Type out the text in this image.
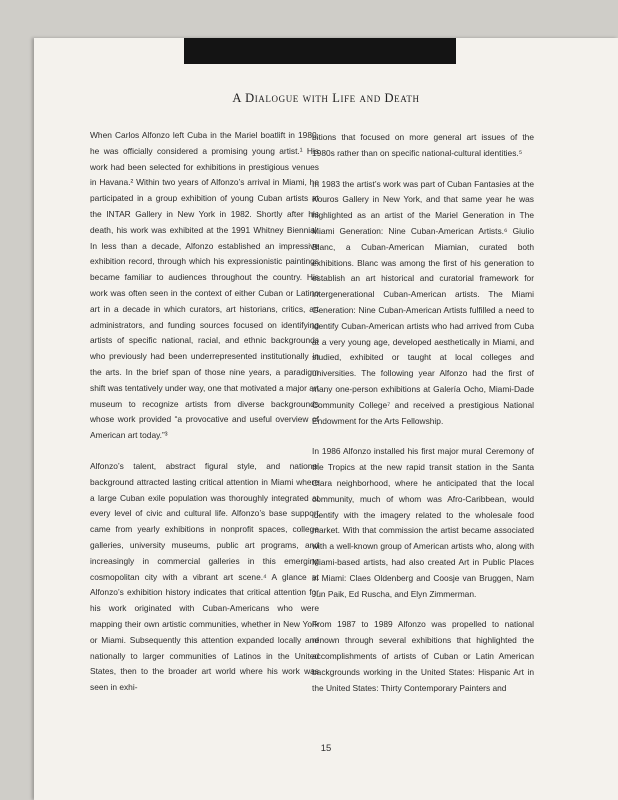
A Dialogue with Life and Death

When Carlos Alfonzo left Cuba in the Mariel boatlift in 1980, he was officially considered a promising young artist.¹ His work had been selected for exhibitions in prestigious venues in Havana.² Within two years of Alfonzo’s arrival in Miami, he participated in a group exhibition of young Cuban artists at the INTAR Gallery in New York in 1982. Shortly after his death, his work was exhibited at the 1991 Whitney Biennial. In less than a decade, Alfonzo established an impressive exhibition record, through which his expressionistic paintings became familiar to audiences throughout the country. His work was often seen in the context of either Cuban or Latino art in a decade in which curators, art historians, critics, art administrators, and funding sources focused on identifying artists of specific national, racial, and ethnic backgrounds who previously had been underrepresented institutionally in the arts. In the brief span of those nine years, a paradigm shift was tentatively under way, one that motivated a major art museum to recognize artists from diverse backgrounds whose work provided “a provocative and useful overview of American art today.”³

Alfonzo’s talent, abstract figural style, and national background attracted lasting critical attention in Miami where a large Cuban exile population was thoroughly integrated at every level of civic and cultural life. Alfonzo’s base support came from yearly exhibitions in nonprofit spaces, college galleries, university museums, public art programs, and increasingly in commercial galleries in this emerging cosmopolitan city with a vibrant art scene.⁴ A glance at Alfonzo’s exhibition history indicates that critical attention for his work originated with Cuban-Americans who were mapping their own artistic communities, whether in New York or Miami. Subsequently this attention expanded locally and nationally to larger communities of Latinos in the United States, then to the broader art world where his work was seen in exhi-

bitions that focused on more general art issues of the 1980s rather than on specific national-cultural identities.⁵

In 1983 the artist’s work was part of Cuban Fantasies at the Kouros Gallery in New York, and that same year he was highlighted as an artist of the Mariel Generation in The Miami Generation: Nine Cuban-American Artists.⁶ Giulio Blanc, a Cuban-American Miamian, curated both exhibitions. Blanc was among the first of his generation to establish an art historical and curatorial framework for intergenerational Cuban-American artists. The Miami Generation: Nine Cuban-American Artists fulfilled a need to identify Cuban-American artists who had arrived from Cuba at a very young age, developed aesthetically in Miami, and studied, exhibited or taught at local colleges and universities. The following year Alfonzo had the first of many one-person exhibitions at Galería Ocho, Miami-Dade Community College⁷ and received a prestigious National Endowment for the Arts Fellowship.

In 1986 Alfonzo installed his first major mural Ceremony of the Tropics at the new rapid transit station in the Santa Clara neighborhood, where he anticipated that the local community, much of whom was Afro-Caribbean, would identify with the imagery related to the wholesale food market. With that commission the artist became associated with a well-known group of American artists who, along with Miami-based artists, had also created Art in Public Places in Miami: Claes Oldenberg and Coosje van Bruggen, Nam Jun Paik, Ed Ruscha, and Elyn Zimmerman.

From 1987 to 1989 Alfonzo was propelled to national renown through several exhibitions that highlighted the accomplishments of artists of Cuban or Latin American backgrounds working in the United States: Hispanic Art in the United States: Thirty Contemporary Painters and

15
